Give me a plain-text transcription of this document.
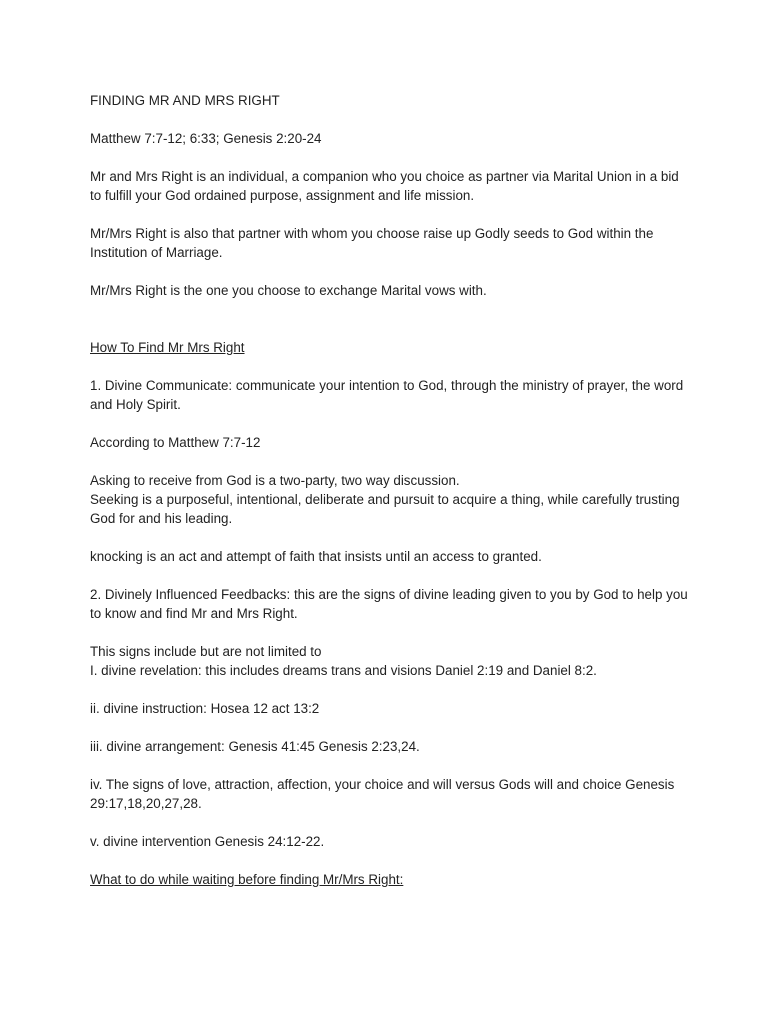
FINDING MR AND MRS RIGHT

Matthew 7:7-12; 6:33; Genesis 2:20-24

Mr and Mrs Right is an individual, a companion who you choice as partner via Marital Union in a bid to fulfill your God ordained purpose, assignment and life mission.

Mr/Mrs Right is also that partner with whom you choose raise up Godly seeds to God within the Institution of Marriage.

Mr/Mrs Right is the one you choose to exchange Marital vows with.

How To Find Mr Mrs Right

1. Divine Communicate: communicate your intention to God, through the ministry of prayer, the word and Holy Spirit.

According to Matthew 7:7-12

Asking to receive from God is a two-party, two way discussion.
Seeking is a purposeful, intentional, deliberate and pursuit to acquire a thing, while carefully trusting God for and his leading.

knocking is an act and attempt of faith that insists until an access to granted.

2. Divinely Influenced Feedbacks: this are the signs of divine leading given to you by God to help you to know and find Mr and Mrs Right.

This signs include but are not limited to
I. divine revelation: this includes dreams trans and visions Daniel 2:19 and Daniel 8:2.

ii. divine instruction: Hosea 12 act 13:2

iii. divine arrangement: Genesis 41:45 Genesis 2:23,24.

iv. The signs of love, attraction, affection, your choice and will versus Gods will and choice Genesis 29:17,18,20,27,28.

v. divine intervention Genesis 24:12-22.

What to do while waiting before finding Mr/Mrs Right:
